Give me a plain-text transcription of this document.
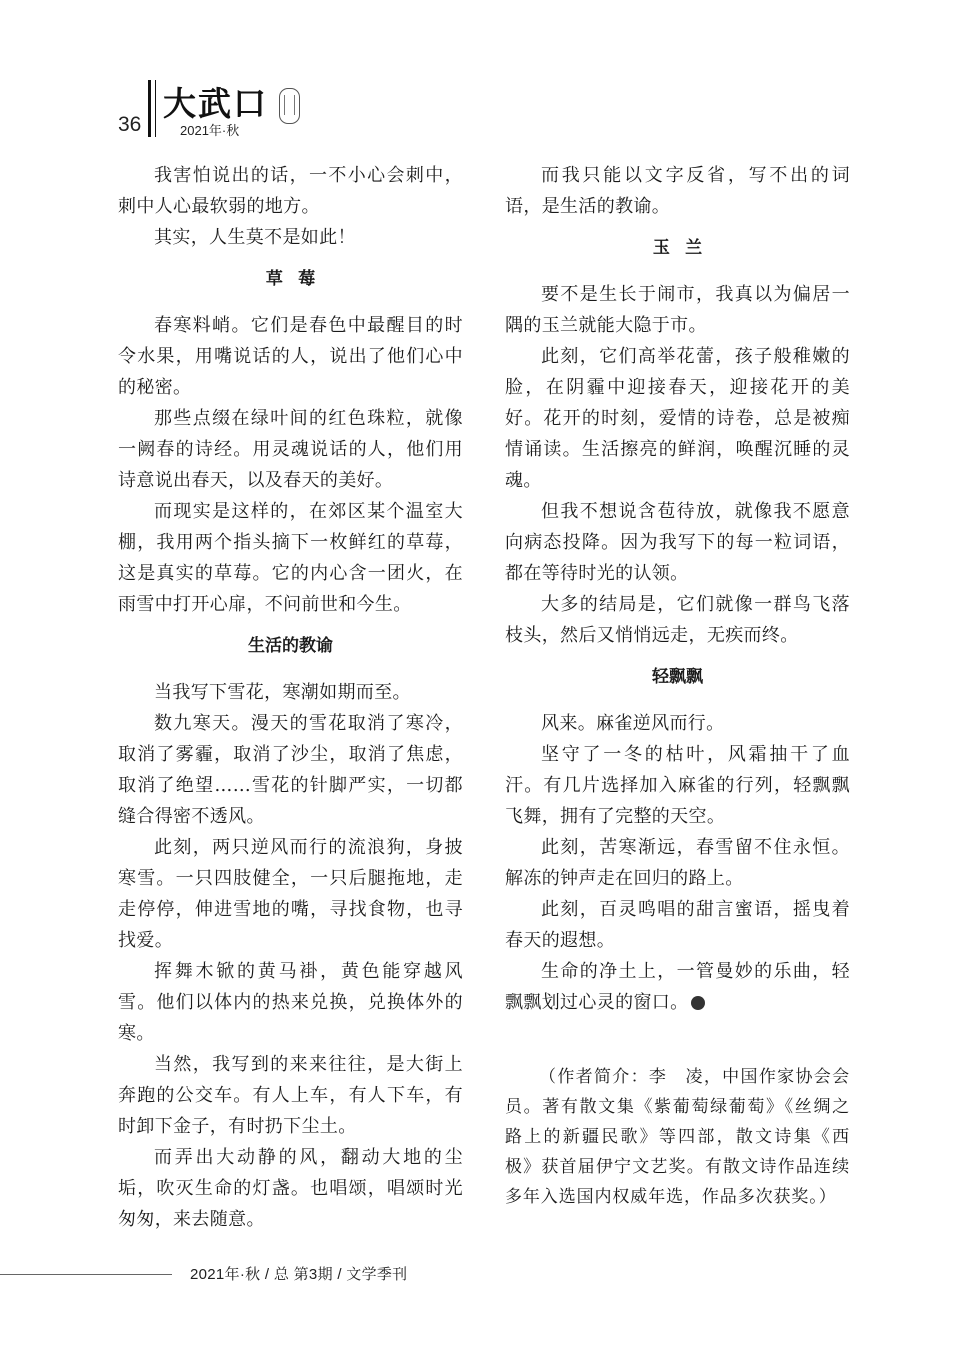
36
大武口
2021年·秋

我害怕说出的话，一不小心会刺中，刺中人心最软弱的地方。

其实，人生莫不是如此！

草莓

春寒料峭。它们是春色中最醒目的时令水果，用嘴说话的人，说出了他们心中的秘密。

那些点缀在绿叶间的红色珠粒，就像一阙春的诗经。用灵魂说话的人，他们用诗意说出春天，以及春天的美好。

而现实是这样的，在郊区某个温室大棚，我用两个指头摘下一枚鲜红的草莓，这是真实的草莓。它的内心含一团火，在雨雪中打开心扉，不问前世和今生。

生活的教谕

当我写下雪花，寒潮如期而至。

数九寒天。漫天的雪花取消了寒冷，取消了雾霾，取消了沙尘，取消了焦虑，取消了绝望……雪花的针脚严实，一切都缝合得密不透风。

此刻，两只逆风而行的流浪狗，身披寒雪。一只四肢健全，一只后腿拖地，走走停停，伸进雪地的嘴，寻找食物，也寻找爱。

挥舞木锨的黄马褂，黄色能穿越风雪。他们以体内的热来兑换，兑换体外的寒。

当然，我写到的来来往往，是大街上奔跑的公交车。有人上车，有人下车，有时卸下金子，有时扔下尘土。

而弄出大动静的风，翻动大地的尘垢，吹灭生命的灯盏。也唱颂，唱颂时光匆匆，来去随意。

而我只能以文字反省，写不出的词语，是生活的教谕。

玉兰

要不是生长于闹市，我真以为偏居一隅的玉兰就能大隐于市。

此刻，它们高举花蕾，孩子般稚嫩的脸，在阴霾中迎接春天，迎接花开的美好。花开的时刻，爱情的诗卷，总是被痴情诵读。生活擦亮的鲜润，唤醒沉睡的灵魂。

但我不想说含苞待放，就像我不愿意向病态投降。因为我写下的每一粒词语，都在等待时光的认领。

大多的结局是，它们就像一群鸟飞落枝头，然后又悄悄远走，无疾而终。

轻飘飘

风来。麻雀逆风而行。

坚守了一冬的枯叶，风霜抽干了血汗。有几片选择加入麻雀的行列，轻飘飘飞舞，拥有了完整的天空。

此刻，苦寒渐远，春雪留不住永恒。解冻的钟声走在回归的路上。

此刻，百灵鸣唱的甜言蜜语，摇曳着春天的遐想。

生命的净土上，一管曼妙的乐曲，轻飘飘划过心灵的窗口。

（作者简介：李　凌，中国作家协会会员。著有散文集《紫葡萄绿葡萄》《丝绸之路上的新疆民歌》等四部，散文诗集《西极》获首届伊宁文艺奖。有散文诗作品连续多年入选国内权威年选，作品多次获奖。）

2021年·秋 / 总 第3期 / 文学季刊
